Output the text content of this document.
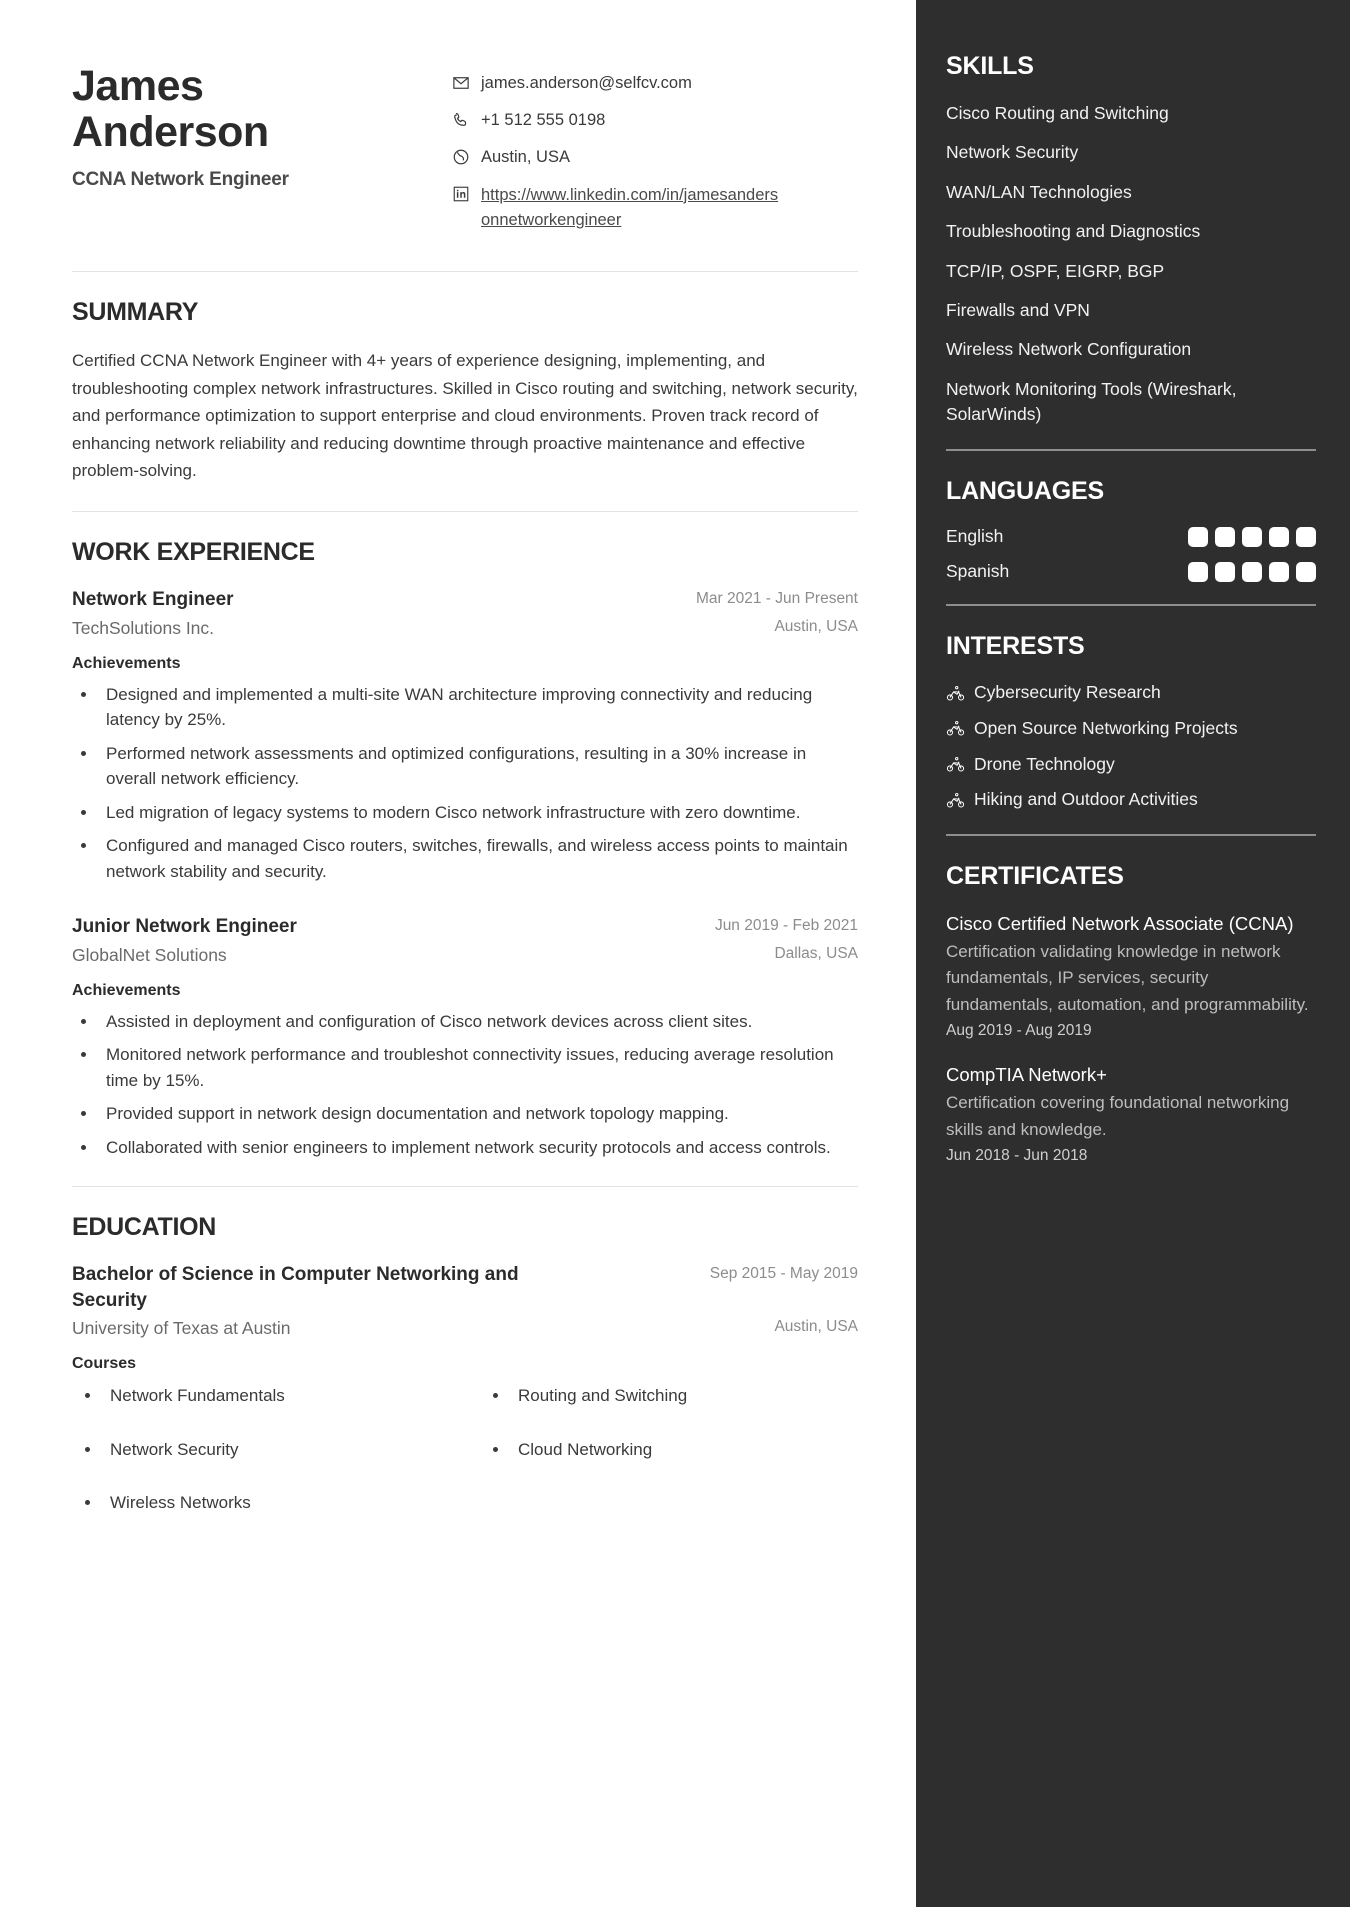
James
Anderson
CCNA Network Engineer
james.anderson@selfcv.com
+1 512 555 0198
Austin, USA
https://www.linkedin.com/in/jamesandersonnetworkengineer
SUMMARY
Certified CCNA Network Engineer with 4+ years of experience designing, implementing, and troubleshooting complex network infrastructures. Skilled in Cisco routing and switching, network security, and performance optimization to support enterprise and cloud environments. Proven track record of enhancing network reliability and reducing downtime through proactive maintenance and effective problem-solving.
WORK EXPERIENCE
Network Engineer	Mar 2021 - Jun Present
TechSolutions Inc.	Austin, USA
Achievements
• Designed and implemented a multi-site WAN architecture improving connectivity and reducing latency by 25%.
• Performed network assessments and optimized configurations, resulting in a 30% increase in overall network efficiency.
• Led migration of legacy systems to modern Cisco network infrastructure with zero downtime.
• Configured and managed Cisco routers, switches, firewalls, and wireless access points to maintain network stability and security.
Junior Network Engineer	Jun 2019 - Feb 2021
GlobalNet Solutions	Dallas, USA
Achievements
• Assisted in deployment and configuration of Cisco network devices across client sites.
• Monitored network performance and troubleshot connectivity issues, reducing average resolution time by 15%.
• Provided support in network design documentation and network topology mapping.
• Collaborated with senior engineers to implement network security protocols and access controls.
EDUCATION
Bachelor of Science in Computer Networking and Security
Sep 2015 - May 2019
University of Texas at Austin	Austin, USA
Courses
• Network Fundamentals
• Network Security
• Wireless Networks
• Routing and Switching
• Cloud Networking
SKILLS
Cisco Routing and Switching
Network Security
WAN/LAN Technologies
Troubleshooting and Diagnostics
TCP/IP, OSPF, EIGRP, BGP
Firewalls and VPN
Wireless Network Configuration
Network Monitoring Tools (Wireshark, SolarWinds)
LANGUAGES
English
Spanish
INTERESTS
Cybersecurity Research
Open Source Networking Projects
Drone Technology
Hiking and Outdoor Activities
CERTIFICATES
Cisco Certified Network Associate (CCNA)
Certification validating knowledge in network fundamentals, IP services, security fundamentals, automation, and programmability.
Aug 2019 - Aug 2019
CompTIA Network+
Certification covering foundational networking skills and knowledge.
Jun 2018 - Jun 2018
